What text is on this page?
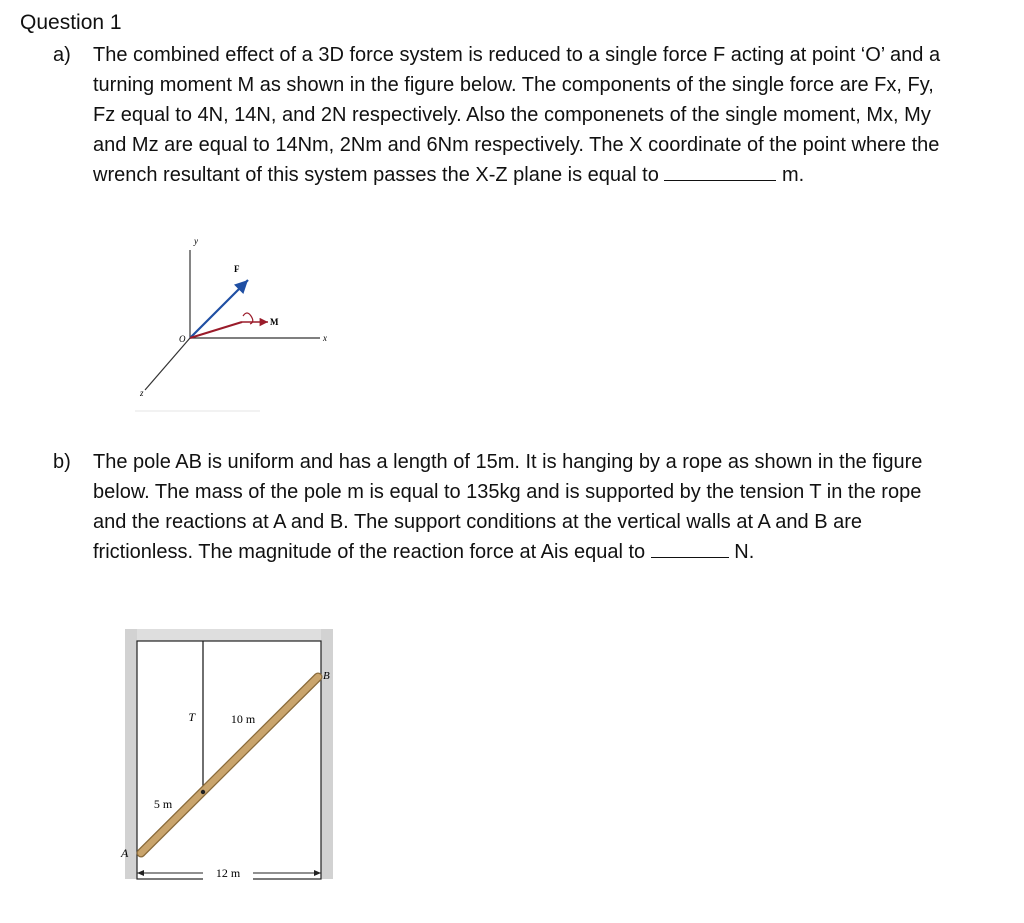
Question 1
a) The combined effect of a 3D force system is reduced to a single force F acting at point ‘O’ and a turning moment M as shown in the figure below. The components of the single force are Fx, Fy, Fz equal to 4N, 14N, and 2N respectively. Also the componenets of the single moment, Mx, My and Mz are equal to 14Nm, 2Nm and 6Nm respectively. The X coordinate of the point where the wrench resultant of this system passes the X-Z plane is equal to	m.
y
x
z
O
F
M
b) The pole AB is uniform and has a length of 15m. It is hanging by a rope as shown in the figure below. The mass of the pole m is equal to 135kg and is supported by the tension T in the rope and the reactions at A and B. The support conditions at the vertical walls at A and B are frictionless. The magnitude of the reaction force at Ais equal to	N.
12 m
5 m
10 m
T
A
B
